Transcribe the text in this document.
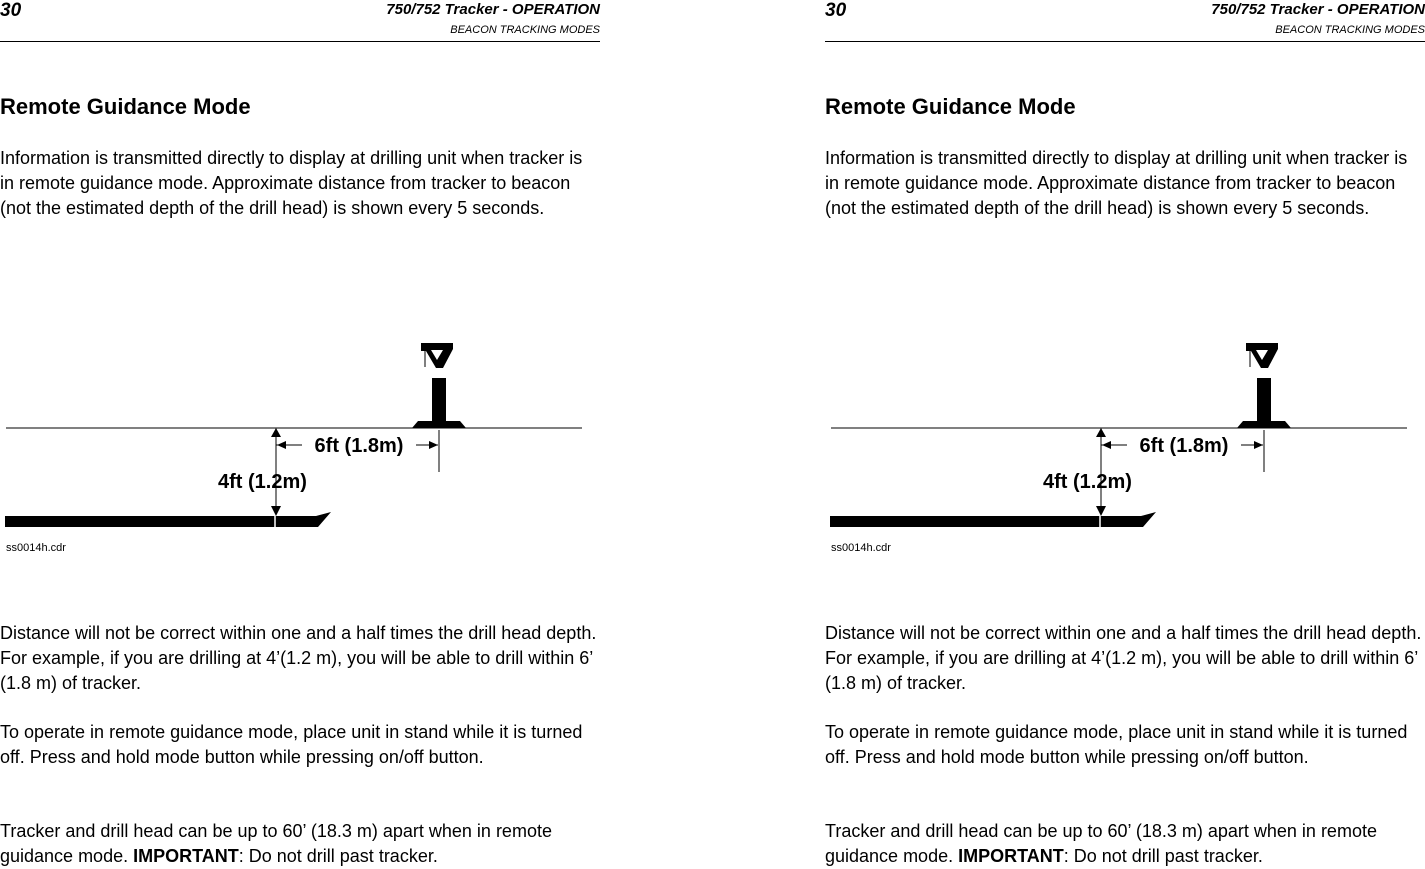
30	750/752 Tracker - OPERATION
BEACON TRACKING MODES
Remote Guidance Mode

Information is transmitted directly to display at drilling unit when tracker is in remote guidance mode. Approximate distance from tracker to beacon (not the estimated depth of the drill head) is shown every 5 seconds.

6ft (1.8m)
4ft (1.2m)
ss0014h.cdr

Distance will not be correct within one and a half times the drill head depth. For example, if you are drilling at 4’(1.2 m), you will be able to drill within 6’ (1.8 m) of tracker.

To operate in remote guidance mode, place unit in stand while it is turned off. Press and hold mode button while pressing on/off button.

Tracker and drill head can be up to 60’ (18.3 m) apart when in remote guidance mode. IMPORTANT: Do not drill past tracker.

30	750/752 Tracker - OPERATION
BEACON TRACKING MODES
Remote Guidance Mode

Information is transmitted directly to display at drilling unit when tracker is in remote guidance mode. Approximate distance from tracker to beacon (not the estimated depth of the drill head) is shown every 5 seconds.

6ft (1.8m)
4ft (1.2m)
ss0014h.cdr

Distance will not be correct within one and a half times the drill head depth. For example, if you are drilling at 4’(1.2 m), you will be able to drill within 6’ (1.8 m) of tracker.

To operate in remote guidance mode, place unit in stand while it is turned off. Press and hold mode button while pressing on/off button.

Tracker and drill head can be up to 60’ (18.3 m) apart when in remote guidance mode. IMPORTANT: Do not drill past tracker.
